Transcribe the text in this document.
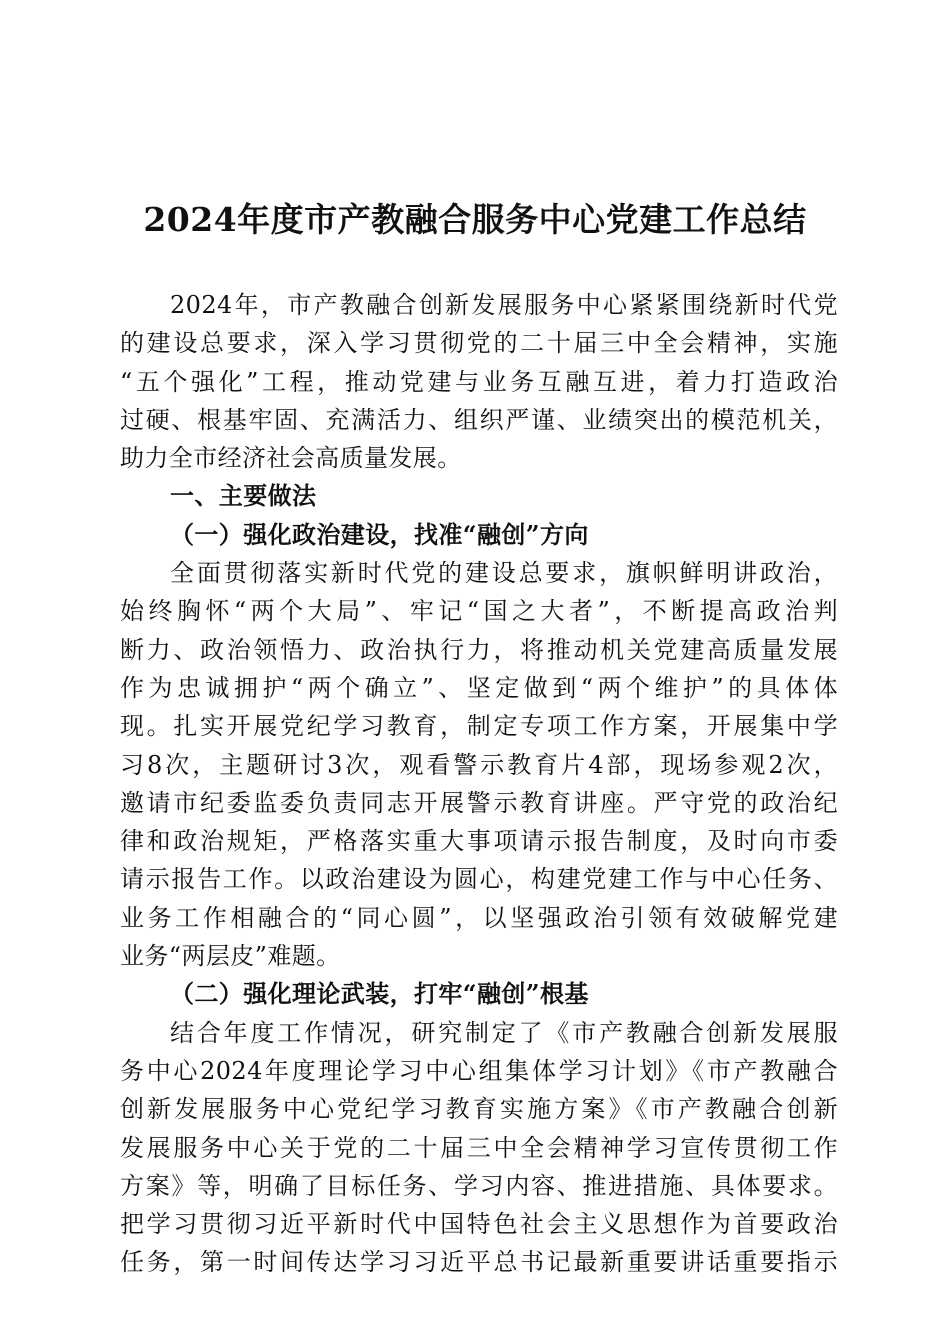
2024年度市产教融合服务中心党建工作总结
2024年，市产教融合创新发展服务中心紧紧围绕新时代党
的建设总要求，深入学习贯彻党的二十届三中全会精神，实施
“五个强化”工程，推动党建与业务互融互进，着力打造政治
过硬、根基牢固、充满活力、组织严谨、业绩突出的模范机关，
助力全市经济社会高质量发展。
一、主要做法
（一）强化政治建设，找准“融创”方向
全面贯彻落实新时代党的建设总要求，旗帜鲜明讲政治，
始终胸怀“两个大局”、牢记“国之大者”，不断提高政治判
断力、政治领悟力、政治执行力，将推动机关党建高质量发展
作为忠诚拥护“两个确立”、坚定做到“两个维护”的具体体
现。扎实开展党纪学习教育，制定专项工作方案，开展集中学
习8次，主题研讨3次，观看警示教育片4部，现场参观2次，
邀请市纪委监委负责同志开展警示教育讲座。严守党的政治纪
律和政治规矩，严格落实重大事项请示报告制度，及时向市委
请示报告工作。以政治建设为圆心，构建党建工作与中心任务、
业务工作相融合的“同心圆”，以坚强政治引领有效破解党建
业务“两层皮”难题。
（二）强化理论武装，打牢“融创”根基
结合年度工作情况，研究制定了《市产教融合创新发展服
务中心2024年度理论学习中心组集体学习计划》《市产教融合
创新发展服务中心党纪学习教育实施方案》《市产教融合创新
发展服务中心关于党的二十届三中全会精神学习宣传贯彻工作
方案》等，明确了目标任务、学习内容、推进措施、具体要求。
把学习贯彻习近平新时代中国特色社会主义思想作为首要政治
任务，第一时间传达学习习近平总书记最新重要讲话重要指示
